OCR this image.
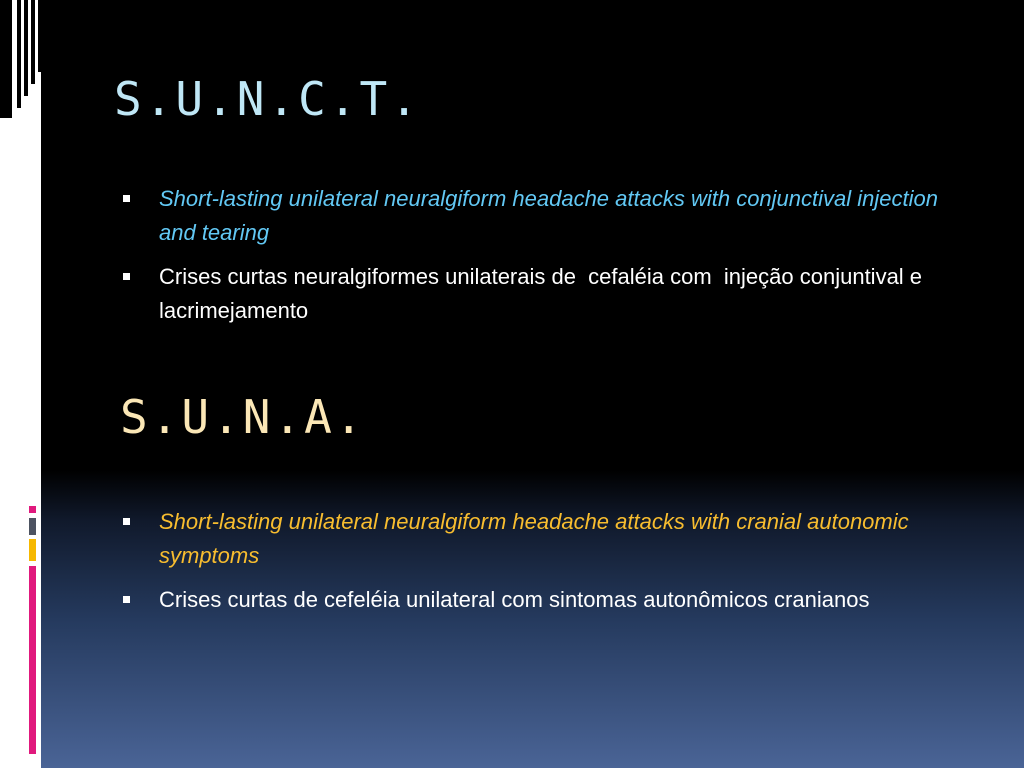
S.U.N.C.T.
Short-lasting unilateral neuralgiform headache attacks with conjunctival injection and tearing
Crises curtas neuralgiformes unilaterais de  cefaléia com  injeção conjuntival e lacrimejamento
S.U.N.A.
Short-lasting unilateral neuralgiform headache attacks with cranial autonomic symptoms
Crises curtas de cefeléia unilateral com sintomas autonômicos cranianos
